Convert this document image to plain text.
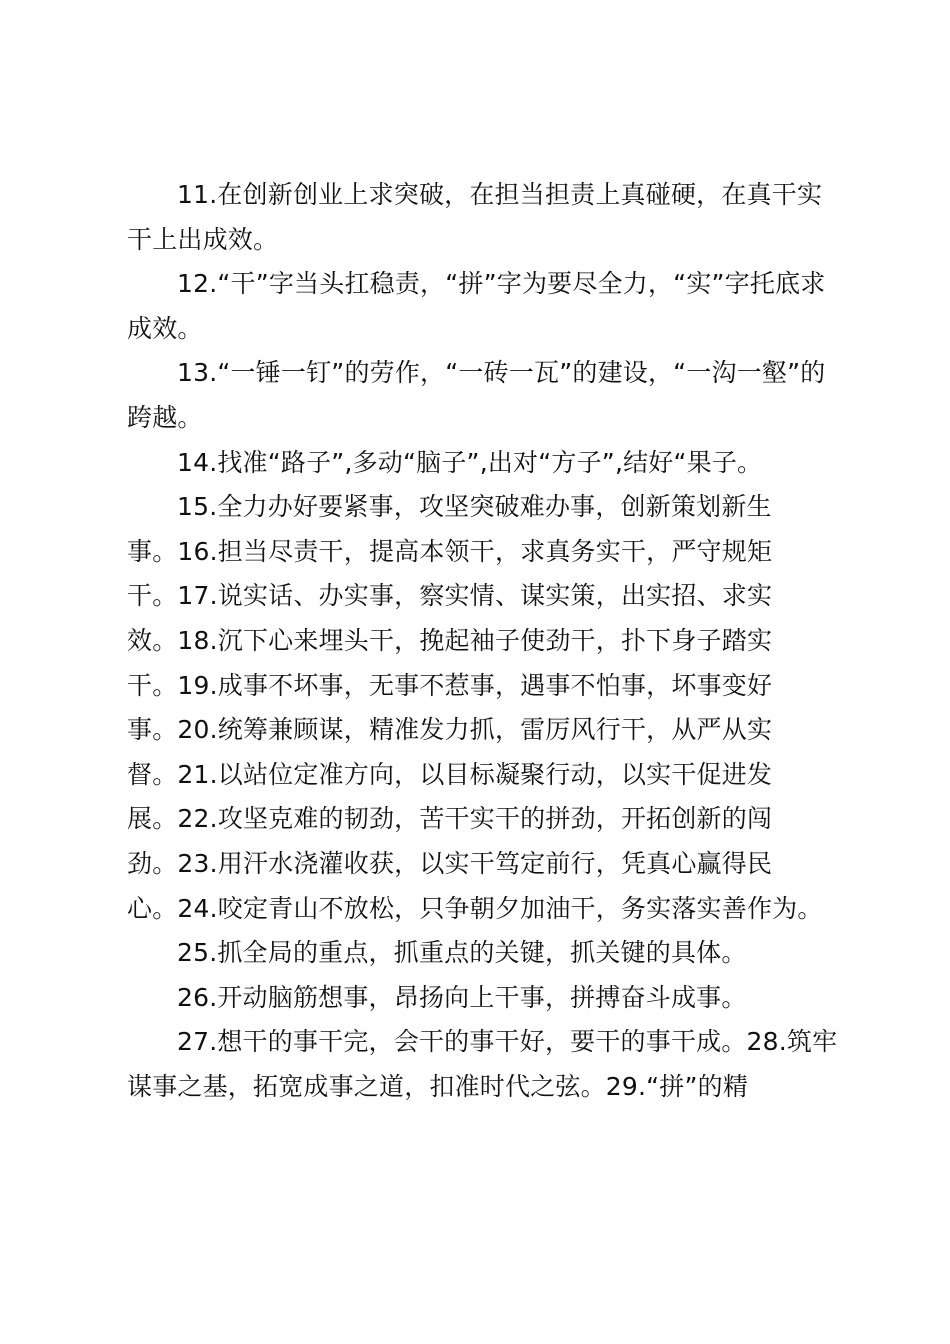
11.在创新创业上求突破，在担当担责上真碰硬，在真干实
干上出成效。
12.“干”字当头扛稳责，“拼”字为要尽全力，“实”字托底求
成效。
13.“一锤一钉”的劳作，“一砖一瓦”的建设，“一沟一壑”的
跨越。
14.找准“路子”,多动“脑子”,出对“方子”,结好“果子。
15.全力办好要紧事，攻坚突破难办事，创新策划新生
事。16.担当尽责干，提高本领干，求真务实干，严守规矩
干。17.说实话、办实事，察实情、谋实策，出实招、求实
效。18.沉下心来埋头干，挽起袖子使劲干，扑下身子踏实
干。19.成事不坏事，无事不惹事，遇事不怕事，坏事变好
事。20.统筹兼顾谋，精准发力抓，雷厉风行干，从严从实
督。21.以站位定准方向，以目标凝聚行动，以实干促进发
展。22.攻坚克难的韧劲，苦干实干的拼劲，开拓创新的闯
劲。23.用汗水浇灌收获，以实干笃定前行，凭真心赢得民
心。24.咬定青山不放松，只争朝夕加油干，务实落实善作为。
25.抓全局的重点，抓重点的关键，抓关键的具体。
26.开动脑筋想事，昂扬向上干事，拼搏奋斗成事。
27.想干的事干完，会干的事干好，要干的事干成。28.筑牢
谋事之基，拓宽成事之道，扣准时代之弦。29.“拼”的精
